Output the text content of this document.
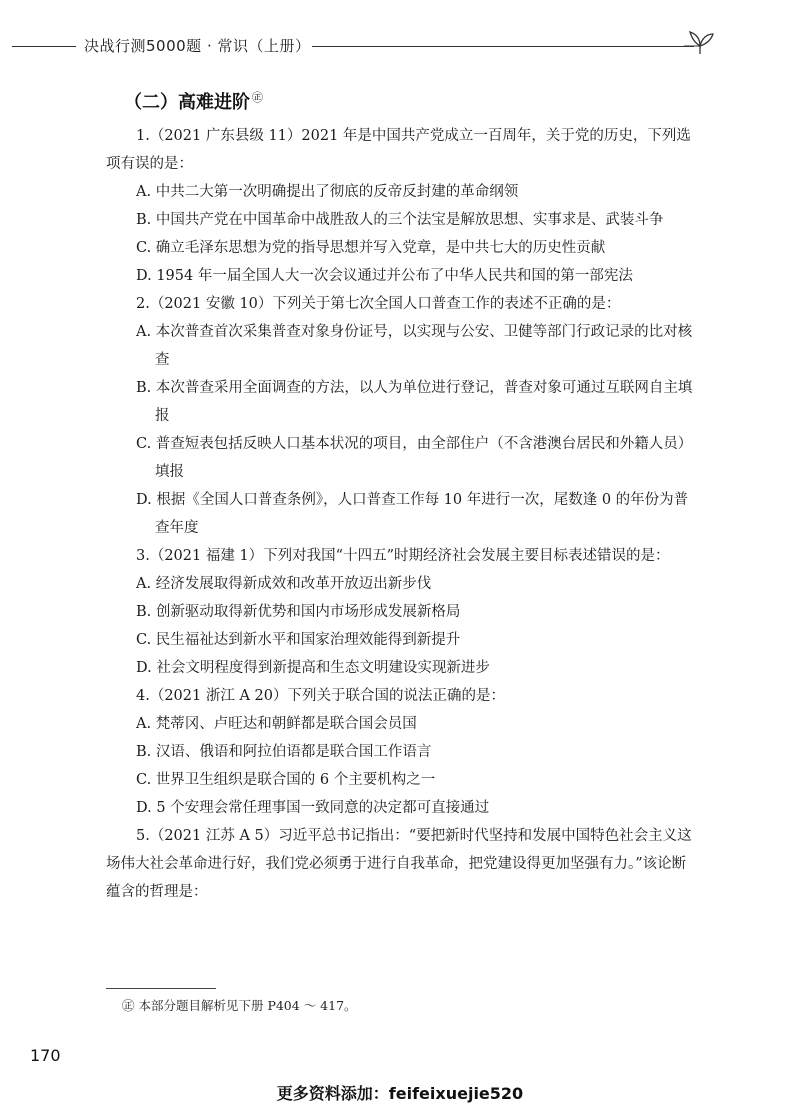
决战行测5000题 · 常识（上册）
（二）高难进阶 ㊣
1.（2021 广东县级 11）2021 年是中国共产党成立一百周年，关于党的历史，下列选项有误的是：
A. 中共二大第一次明确提出了彻底的反帝反封建的革命纲领
B. 中国共产党在中国革命中战胜敌人的三个法宝是解放思想、实事求是、武装斗争
C. 确立毛泽东思想为党的指导思想并写入党章，是中共七大的历史性贡献
D. 1954 年一届全国人大一次会议通过并公布了中华人民共和国的第一部宪法
2.（2021 安徽 10）下列关于第七次全国人口普查工作的表述不正确的是：
A. 本次普查首次采集普查对象身份证号，以实现与公安、卫健等部门行政记录的比对核查
B. 本次普查采用全面调查的方法，以人为单位进行登记，普查对象可通过互联网自主填报
C. 普查短表包括反映人口基本状况的项目，由全部住户（不含港澳台居民和外籍人员）填报
D. 根据《全国人口普查条例》，人口普查工作每 10 年进行一次，尾数逢 0 的年份为普查年度
3.（2021 福建 1）下列对我国“十四五”时期经济社会发展主要目标表述错误的是：
A. 经济发展取得新成效和改革开放迈出新步伐
B. 创新驱动取得新优势和国内市场形成发展新格局
C. 民生福祉达到新水平和国家治理效能得到新提升
D. 社会文明程度得到新提高和生态文明建设实现新进步
4.（2021 浙江 A 20）下列关于联合国的说法正确的是：
A. 梵蒂冈、卢旺达和朝鲜都是联合国会员国
B. 汉语、俄语和阿拉伯语都是联合国工作语言
C. 世界卫生组织是联合国的 6 个主要机构之一
D. 5 个安理会常任理事国一致同意的决定都可直接通过
5.（2021 江苏 A 5）习近平总书记指出：“要把新时代坚持和发展中国特色社会主义这场伟大社会革命进行好，我们党必须勇于进行自我革命，把党建设得更加坚强有力。”该论断蕴含的哲理是：
㊣ 本部分题目解析见下册 P404 ～ 417。
170
更多资料添加：feifeixuejie520
